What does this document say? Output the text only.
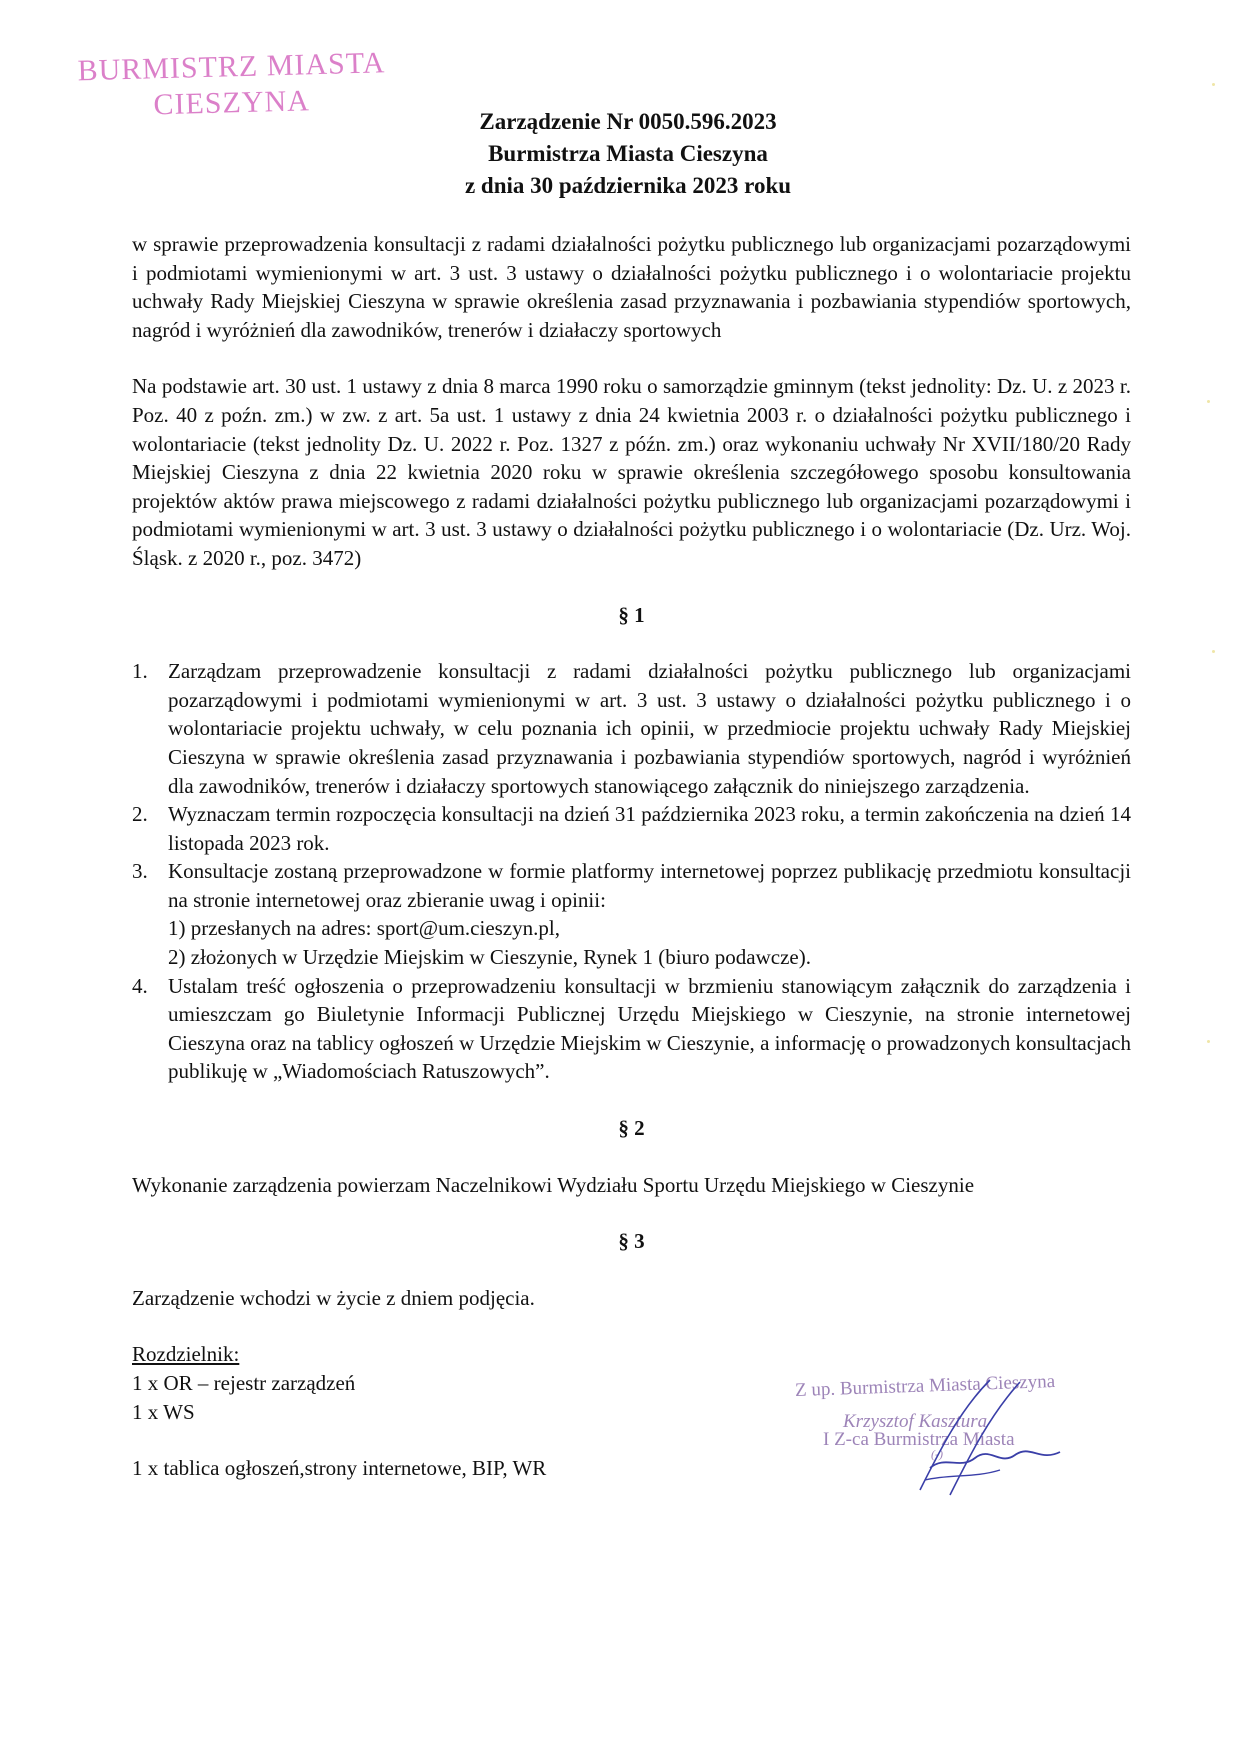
BURMISTRZ MIASTA
CIESZYNA
Zarządzenie Nr 0050.596.2023
Burmistrza Miasta Cieszyna
z dnia 30 października 2023 roku

w sprawie przeprowadzenia konsultacji z radami działalności pożytku publicznego lub organizacjami pozarządowymi i podmiotami wymienionymi w art. 3 ust. 3 ustawy o działalności pożytku publicznego i o wolontariacie projektu uchwały Rady Miejskiej Cieszyna w sprawie określenia zasad przyznawania i pozbawiania stypendiów sportowych, nagród i wyróżnień dla zawodników, trenerów i działaczy sportowych

Na podstawie art. 30 ust. 1 ustawy z dnia 8 marca 1990 roku o samorządzie gminnym (tekst jednolity: Dz. U. z 2023 r. Poz. 40 z poźn. zm.) w zw. z art. 5a ust. 1 ustawy z dnia 24 kwietnia 2003 r. o działalności pożytku publicznego i wolontariacie (tekst jednolity Dz. U. 2022 r. Poz. 1327 z późn. zm.) oraz wykonaniu uchwały Nr XVII/180/20 Rady Miejskiej Cieszyna z dnia 22 kwietnia 2020 roku w sprawie określenia szczegółowego sposobu konsultowania projektów aktów prawa miejscowego z radami działalności pożytku publicznego lub organizacjami pozarządowymi i podmiotami wymienionymi w art. 3 ust. 3 ustawy o działalności pożytku publicznego i o wolontariacie (Dz. Urz. Woj. Śląsk. z 2020 r., poz. 3472)

§ 1
1. Zarządzam przeprowadzenie konsultacji z radami działalności pożytku publicznego lub organizacjami pozarządowymi i podmiotami wymienionymi w art. 3 ust. 3 ustawy o działalności pożytku publicznego i o wolontariacie projektu uchwały, w celu poznania ich opinii, w przedmiocie projektu uchwały Rady Miejskiej Cieszyna w sprawie określenia zasad przyznawania i pozbawiania stypendiów sportowych, nagród i wyróżnień dla zawodników, trenerów i działaczy sportowych stanowiącego załącznik do niniejszego zarządzenia.
2. Wyznaczam termin rozpoczęcia konsultacji na dzień 31 października 2023 roku, a termin zakończenia na dzień 14 listopada 2023 rok.
3. Konsultacje zostaną przeprowadzone w formie platformy internetowej poprzez publikację przedmiotu konsultacji na stronie internetowej oraz zbieranie uwag i opinii:
1) przesłanych na adres: sport@um.cieszyn.pl,
2) złożonych w Urzędzie Miejskim w Cieszynie, Rynek 1 (biuro podawcze).
4. Ustalam treść ogłoszenia o przeprowadzeniu konsultacji w brzmieniu stanowiącym załącznik do zarządzenia i umieszczam go Biuletynie Informacji Publicznej Urzędu Miejskiego w Cieszynie, na stronie internetowej Cieszyna oraz na tablicy ogłoszeń w Urzędzie Miejskim w Cieszynie, a informację o prowadzonych konsultacjach publikuję w „Wiadomościach Ratuszowych”.
§ 2

Wykonanie zarządzenia powierzam Naczelnikowi Wydziału Sportu Urzędu Miejskiego w Cieszynie

§ 3

Zarządzenie wchodzi w życie z dniem podjęcia.

Rozdzielnik:
1 x OR – rejestr zarządzeń
1 x WS
1 x tablica ogłoszeń,strony internetowe, BIP, WR
Z up. Burmistrza Miasta Cieszyna
Krzysztof Kasztura
I Z-ca Burmistrza Miasta
(-)
